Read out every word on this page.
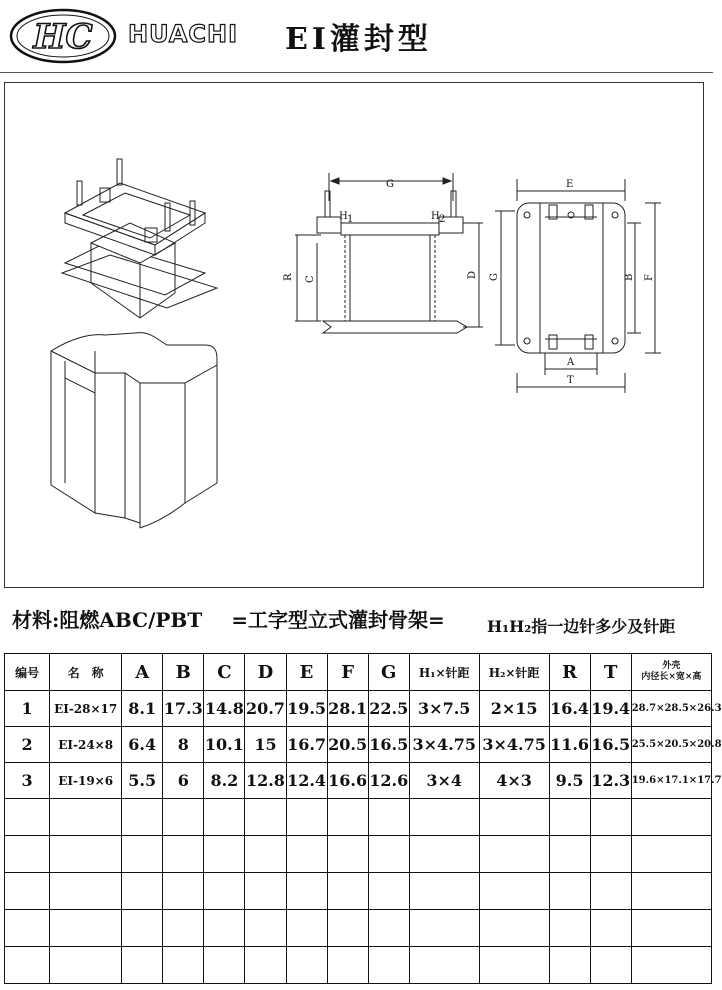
HC HUACHI EI灌封型
G
H 1	H 2
R C
D
E
G	B F
A
T
材料:阻燃ABC/PBT =工字型立式灌封骨架=	H₁H₂指一边针多少及针距
编号	名　称	A	B	C	D	E	F	G	H₁×针距	H₂×针距	R	T	外壳
内径长×宽×高

1	EI-28×17	8.1	17.3	14.8	20.7	19.5	28.1	22.5	3×7.5	2×15	16.4	19.4	28.7×28.5×26.3
2	EI-24×8	6.4	8	10.1	15	16.7	20.5	16.5	3×4.75	3×4.75	11.6	16.5	25.5×20.5×20.8
3	EI-19×6	5.5	6	8.2	12.8	12.4	16.6	12.6	3×4	4×3	9.5	12.3	19.6×17.1×17.7
